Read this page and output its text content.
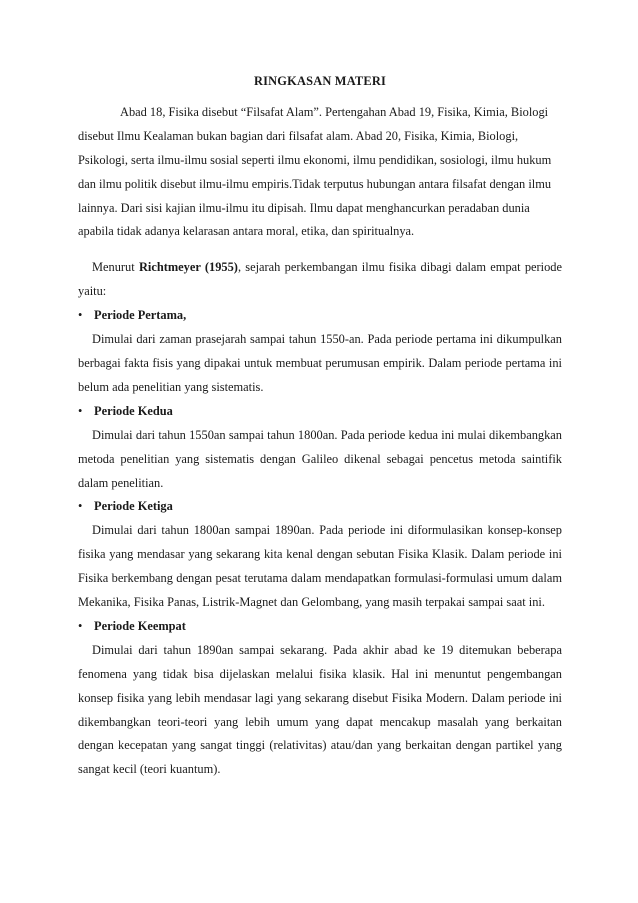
RINGKASAN MATERI

Abad 18, Fisika disebut “Filsafat Alam”. Pertengahan Abad 19, Fisika, Kimia, Biologi disebut Ilmu Kealaman bukan bagian dari filsafat alam. Abad 20, Fisika, Kimia, Biologi, Psikologi, serta ilmu-ilmu sosial seperti ilmu ekonomi, ilmu pendidikan, sosiologi, ilmu hukum dan ilmu politik disebut ilmu-ilmu empiris.Tidak terputus hubungan antara filsafat dengan ilmu lainnya. Dari sisi kajian ilmu-ilmu itu dipisah. Ilmu dapat menghancurkan peradaban dunia apabila tidak adanya kelarasan antara moral, etika, dan spiritualnya.

Menurut Richtmeyer (1955), sejarah perkembangan ilmu fisika dibagi dalam empat periode yaitu:

• Periode Pertama,

Dimulai dari zaman prasejarah sampai tahun 1550-an. Pada periode pertama ini dikumpulkan berbagai fakta fisis yang dipakai untuk membuat perumusan empirik. Dalam periode pertama ini belum ada penelitian yang sistematis.

• Periode Kedua

Dimulai dari tahun 1550an sampai tahun 1800an. Pada periode kedua ini mulai dikembangkan metoda penelitian yang sistematis dengan Galileo dikenal sebagai pencetus metoda saintifik dalam penelitian.

• Periode Ketiga

Dimulai dari tahun 1800an sampai 1890an. Pada periode ini diformulasikan konsep-konsep fisika yang mendasar yang sekarang kita kenal dengan sebutan Fisika Klasik. Dalam periode ini Fisika berkembang dengan pesat terutama dalam mendapatkan formulasi-formulasi umum dalam Mekanika, Fisika Panas, Listrik-Magnet dan Gelombang, yang masih terpakai sampai saat ini.

• Periode Keempat

Dimulai dari tahun 1890an sampai sekarang. Pada akhir abad ke 19 ditemukan beberapa fenomena yang tidak bisa dijelaskan melalui fisika klasik. Hal ini menuntut pengembangan konsep fisika yang lebih mendasar lagi yang sekarang disebut Fisika Modern. Dalam periode ini dikembangkan teori-teori yang lebih umum yang dapat mencakup masalah yang berkaitan dengan kecepatan yang sangat tinggi (relativitas) atau/dan yang berkaitan dengan partikel yang sangat kecil (teori kuantum).
